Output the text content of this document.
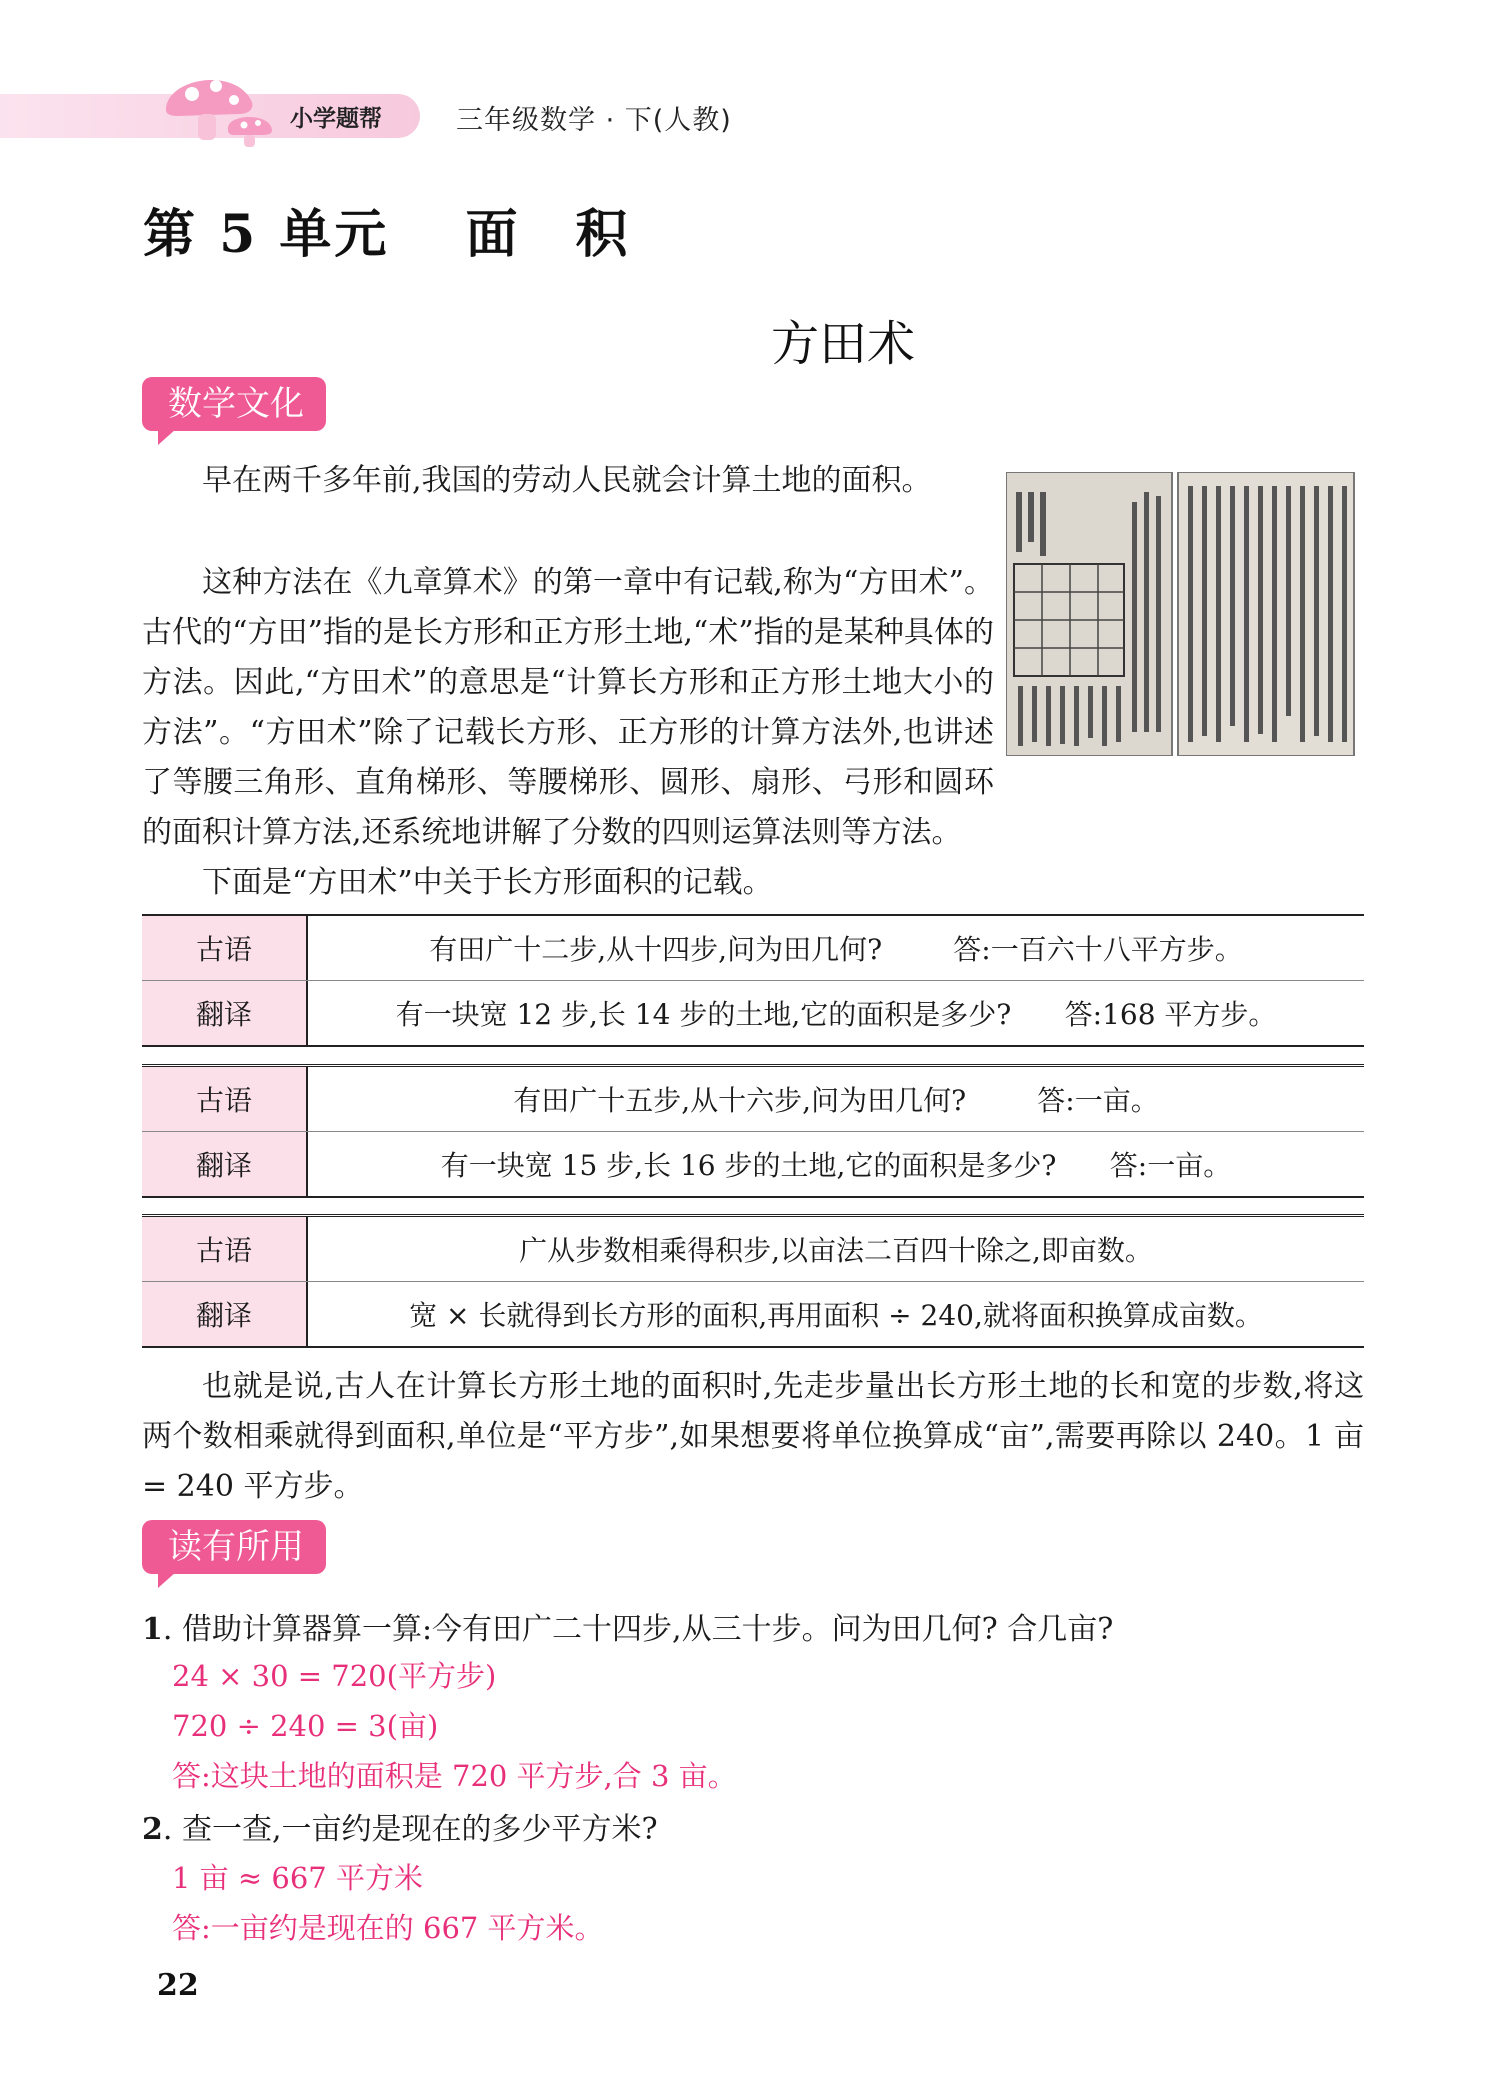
小学题帮	三年级数学 · 下(人教)
第 5 单元　 面　积
方田术
数学文化
早在两千多年前,我国的劳动人民就会计算土地的面积。
这种方法在《九章算术》的第一章中有记载,称为“方田术”。古代的“方田”指的是长方形和正方形土地,“术”指的是某种具体的方法。因此,“方田术”的意思是“计算长方形和正方形土地大小的方法”。“方田术”除了记载长方形、正方形的计算方法外,也讲述了等腰三角形、直角梯形、等腰梯形、圆形、扇形、弓形和圆环的面积计算方法,还系统地讲解了分数的四则运算法则等方法。
下面是“方田术”中关于长方形面积的记载。
古语	有田广十二步,从十四步,问为田几何?        答:一百六十八平方步。
翻译	有一块宽 12 步,长 14 步的土地,它的面积是多少?      答:168 平方步。
古语	有田广十五步,从十六步,问为田几何?        答:一亩。
翻译	有一块宽 15 步,长 16 步的土地,它的面积是多少?      答:一亩。
古语	广从步数相乘得积步,以亩法二百四十除之,即亩数。
翻译	宽 × 长就得到长方形的面积,再用面积 ÷ 240,就将面积换算成亩数。
也就是说,古人在计算长方形土地的面积时,先走步量出长方形土地的长和宽的步数,将这两个数相乘就得到面积,单位是“平方步”,如果想要将单位换算成“亩”,需要再除以 240。1 亩 = 240 平方步。
读有所用
1. 借助计算器算一算:今有田广二十四步,从三十步。问为田几何? 合几亩?
24 × 30 = 720(平方步)
720 ÷ 240 = 3(亩)
答:这块土地的面积是 720 平方步,合 3 亩。
2. 查一查,一亩约是现在的多少平方米?
1 亩 ≈ 667 平方米
答:一亩约是现在的 667 平方米。
22
